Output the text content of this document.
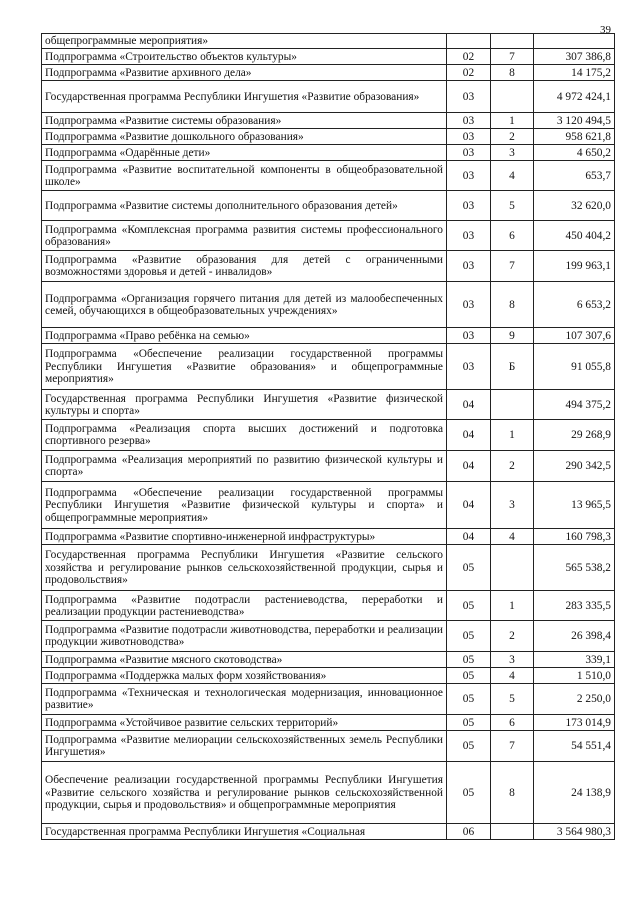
39
общепрограммные мероприятия»			
Подпрограмма «Строительство объектов культуры»	02	7	307 386,8
Подпрограмма «Развитие архивного дела»	02	8	14 175,2
Государственная программа Республики Ингушетия «Развитие образования»	03		4 972 424,1
Подпрограмма «Развитие системы образования»	03	1	3 120 494,5
Подпрограмма «Развитие дошкольного образования»	03	2	958 621,8
Подпрограмма «Одарённые дети»	03	3	4 650,2
Подпрограмма «Развитие воспитательной компоненты в общеобразовательной школе»	03	4	653,7
Подпрограмма «Развитие системы дополнительного образования детей»	03	5	32 620,0
Подпрограмма «Комплексная программа развития системы профессионального образования»	03	6	450 404,2
Подпрограмма «Развитие образования для детей с ограниченными возможностями здоровья и детей - инвалидов»	03	7	199 963,1
Подпрограмма «Организация горячего питания для детей из малообеспеченных семей, обучающихся в общеобразовательных учреждениях»	03	8	6 653,2
Подпрограмма «Право ребёнка на семью»	03	9	107 307,6
Подпрограмма «Обеспечение реализации государственной программы Республики Ингушетия «Развитие образования» и общепрограммные мероприятия»	03	Б	91 055,8
Государственная программа Республики Ингушетия «Развитие физической культуры и спорта»	04		494 375,2
Подпрограмма «Реализация спорта высших достижений и подготовка спортивного резерва»	04	1	29 268,9
Подпрограмма «Реализация мероприятий по развитию физической культуры и спорта»	04	2	290 342,5
Подпрограмма «Обеспечение реализации государственной программы Республики Ингушетия «Развитие физической культуры и спорта» и общепрограммные мероприятия»	04	3	13 965,5
Подпрограмма «Развитие спортивно-инженерной инфраструктуры»	04	4	160 798,3
Государственная программа Республики Ингушетия «Развитие сельского хозяйства и регулирование рынков сельскохозяйственной продукции, сырья и продовольствия»	05		565 538,2
Подпрограмма «Развитие подотрасли растениеводства, переработки и реализации продукции растениеводства»	05	1	283 335,5
Подпрограмма «Развитие подотрасли животноводства, переработки и реализации продукции животноводства»	05	2	26 398,4
Подпрограмма «Развитие мясного скотоводства»	05	3	339,1
Подпрограмма «Поддержка малых форм хозяйствования»	05	4	1 510,0
Подпрограмма «Техническая и технологическая модернизация, инновационное развитие»	05	5	2 250,0
Подпрограмма «Устойчивое развитие сельских территорий»	05	6	173 014,9
Подпрограмма «Развитие мелиорации сельскохозяйственных земель Республики Ингушетия»	05	7	54 551,4
Обеспечение реализации государственной программы Республики Ингушетия «Развитие сельского хозяйства и регулирование рынков сельскохозяйственной продукции, сырья и продовольствия» и общепрограммные мероприятия	05	8	24 138,9
Государственная программа Республики Ингушетия «Социальная	06		3 564 980,3
